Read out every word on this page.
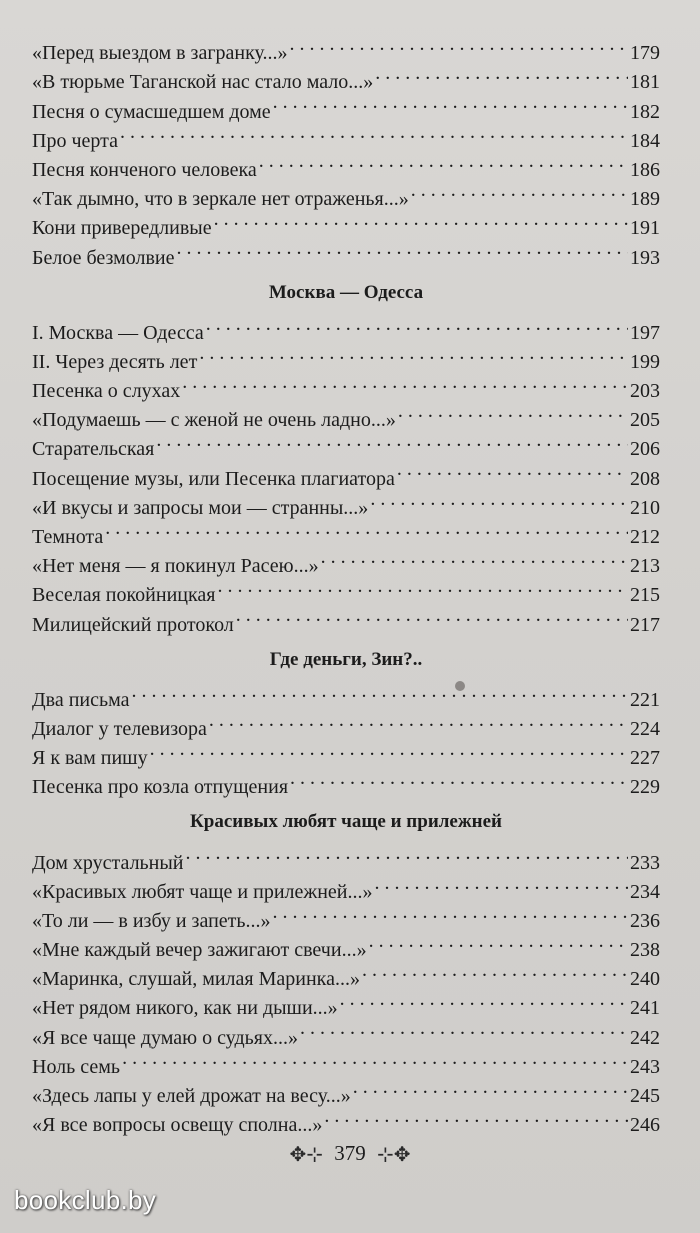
«Перед выездом в загранку...» . . .	179
«В тюрьме Таганской нас стало мало...» . . .	181
Песня о сумасшедшем доме . . .	182
Про черта . . .	184
Песня конченого человека . . .	186
«Так дымно, что в зеркале нет отраженья...» . . .	189
Кони привередливые . . .	191
Белое безмолвие . . .	193
Москва — Одесса
I. Москва — Одесса . . .	197
II. Через десять лет . . .	199
Песенка о слухах . . .	203
«Подумаешь — с женой не очень ладно...» . . .	205
Старательская . . .	206
Посещение музы, или Песенка плагиатора . . .	208
«И вкусы и запросы мои — странны...» . . .	210
Темнота . . .	212
«Нет меня — я покинул Расею...» . . .	213
Веселая покойницкая . . .	215
Милицейский протокол . . .	217
Где деньги, Зин?..
Два письма . . .	221
Диалог у телевизора . . .	224
Я к вам пишу . . .	227
Песенка про козла отпущения . . .	229
Красивых любят чаще и прилежней
Дом хрустальный . . .	233
«Красивых любят чаще и прилежней...» . . .	234
«То ли — в избу и запеть...» . . .	236
«Мне каждый вечер зажигают свечи...» . . .	238
«Маринка, слушай, милая Маринка...» . . .	240
«Нет рядом никого, как ни дыши...» . . .	241
«Я все чаще думаю о судьях...» . . .	242
Ноль семь . . .	243
«Здесь лапы у елей дрожат на весу...» . . .	245
«Я все вопросы освещу сполна...» . . .	246
✥⊹ 379 ⊹✥
bookclub.by
